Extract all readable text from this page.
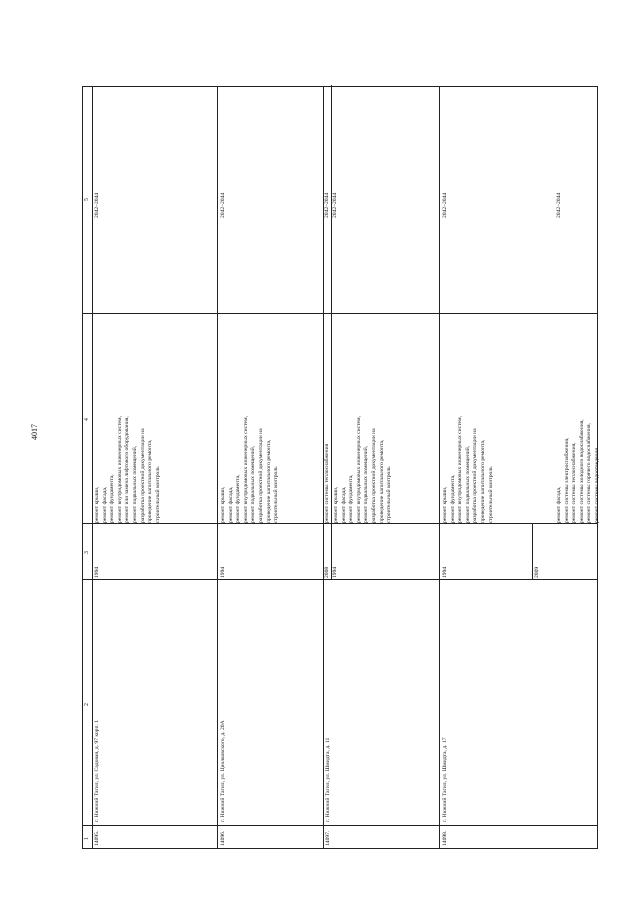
4017
1
2
3
4
5
14095.
г. Нижний Тагил, ул. Садовая, д. 97 корп. 1
1994
ремонт крыши, ремонт фасада, ремонт фундамента, ремонт внутридомовых инженерных систем, ремонт или замена лифтового оборудования, ремонт подвальных помещений, разработка проектной документации на проведение капитального ремонта, строительный контроль
2042–2044
14096.
г. Нижний Тагил, ул. Циолковского, д. 20А
1994
ремонт крыши, ремонт фасада, ремонт фундамента, ремонт внутридомовых инженерных систем, ремонт подвальных помещений, разработка проектной документации на проведение капитального ремонта, строительный контроль
2042–2044
14097.
г. Нижний Тагил, ул. Шмидта, д. 11
2008
ремонт системы теплоснабжения
2042–2044
1994
ремонт крыши, ремонт фасада, ремонт фундамента, ремонт внутридомовых инженерных систем, ремонт подвальных помещений, разработка проектной документации на проведение капитального ремонта, строительный контроль
2042–2044
14098.
г. Нижний Тагил, ул. Шмидта, д. 17
1994
ремонт крыши, ремонт фундамента, ремонт внутридомовых инженерных систем, ремонт подвальных помещений, разработка проектной документации на проведение капитального ремонта, строительный контроль
2042–2044
2009
ремонт фасада, ремонт системы электроснабжения, ремонт системы теплоснабжения, ремонт системы холодного водоснабжения, ремонт системы горячего водоснабжения, ремонт системы водоотведения
2042–2044
